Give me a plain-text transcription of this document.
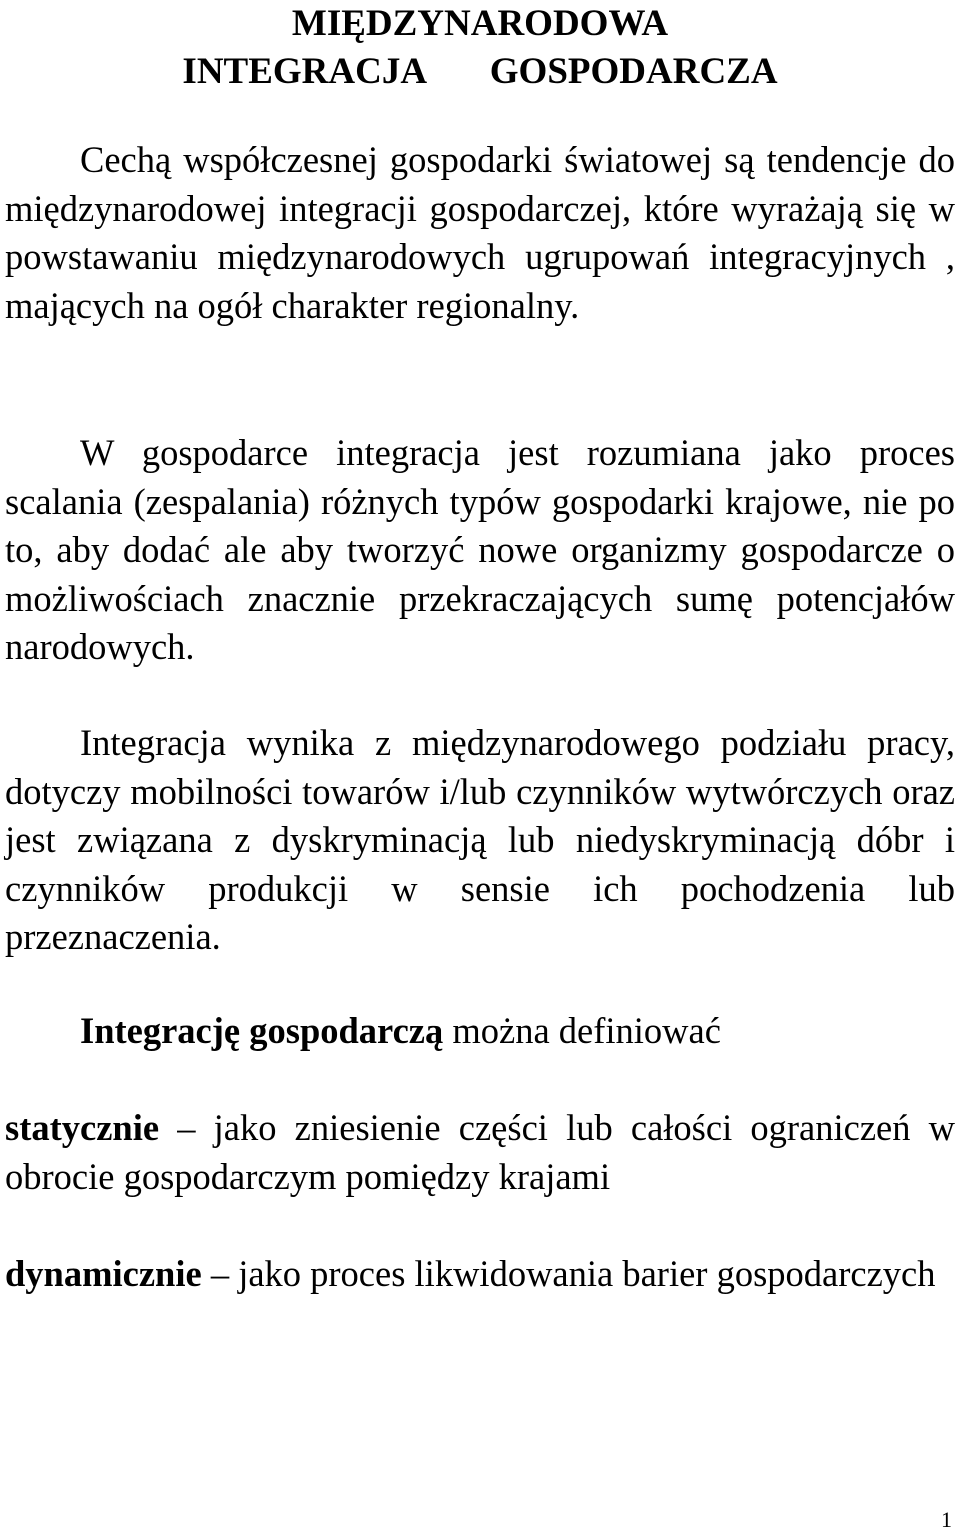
MIĘDZYNARODOWA
INTEGRACJA       GOSPODARCZA

Cechą współczesnej gospodarki światowej są tendencje do międzynarodowej integracji gospodarczej, które wyrażają się w powstawaniu międzynarodowych ugrupowań integracyjnych , mających na ogół charakter regionalny.

W gospodarce integracja jest rozumiana jako proces scalania (zespalania) różnych typów gospodarki krajowe, nie po to, aby dodać ale aby tworzyć nowe organizmy gospodarcze o możliwościach znacznie przekraczających sumę potencjałów narodowych.

Integracja wynika z międzynarodowego podziału pracy, dotyczy mobilności towarów i/lub czynników wytwórczych oraz jest związana z dyskryminacją lub niedyskryminacją dóbr i czynników produkcji w sensie ich pochodzenia lub przeznaczenia.

Integrację gospodarczą można definiować

statycznie – jako zniesienie części lub całości ograniczeń w obrocie gospodarczym pomiędzy krajami

dynamicznie – jako proces likwidowania barier gospodarczych

1
